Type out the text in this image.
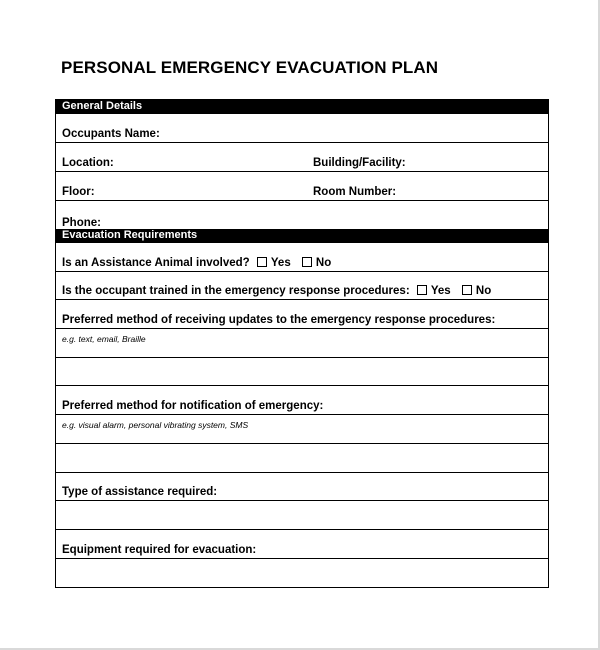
PERSONAL EMERGENCY EVACUATION PLAN
General Details
Occupants Name:
Location:	Building/Facility:
Floor:	Room Number:
Phone:
Evacuation Requirements
Is an Assistance Animal involved? Yes No
Is the occupant trained in the emergency response procedures: Yes No
Preferred method of receiving updates to the emergency response procedures:
e.g. text, email, Braille
Preferred method for notification of emergency:
e.g. visual alarm, personal vibrating system, SMS
Type of assistance required:
Equipment required for evacuation:
